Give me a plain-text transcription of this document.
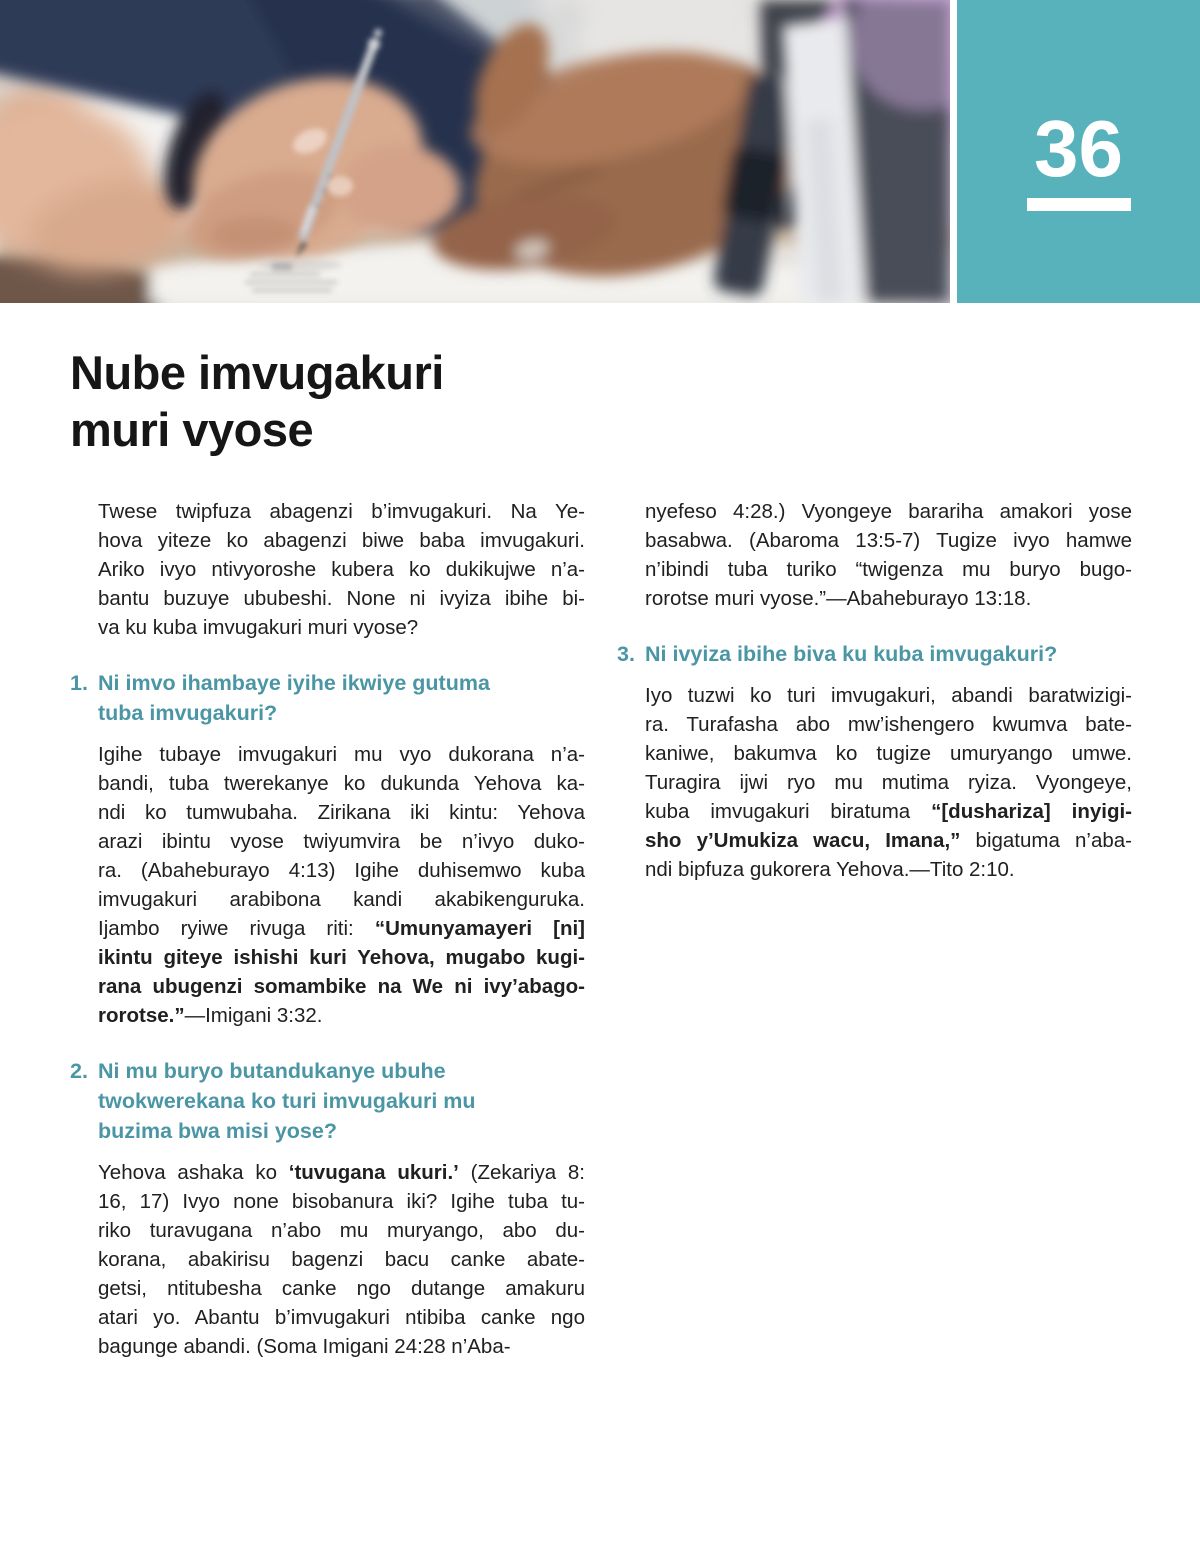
36
Nube imvugakuri
muri vyose
Twese twipfuza abagenzi b’imvugakuri. Na Ye-
hova yiteze ko abagenzi biwe baba imvugakuri.
Ariko ivyo ntivyoroshe kubera ko dukikujwe n’a-
bantu buzuye ububeshi. None ni ivyiza ibihe bi-
va ku kuba imvugakuri muri vyose?
1. Ni imvo ihambaye iyihe ikwiye gutuma
tuba imvugakuri?
Igihe tubaye imvugakuri mu vyo dukorana n’a-
bandi, tuba twerekanye ko dukunda Yehova ka-
ndi ko tumwubaha. Zirikana iki kintu: Yehova
arazi ibintu vyose twiyumvira be n’ivyo duko-
ra. (Abaheburayo 4:13) Igihe duhisemwo kuba
imvugakuri arabibona kandi akabikenguruka.
Ijambo ryiwe rivuga riti: “Umunyamayeri [ni]
ikintu giteye ishishi kuri Yehova, mugabo kugi-
rana ubugenzi somambike na We ni ivy’abago-
rorotse.”—Imigani 3:32.
2. Ni mu buryo butandukanye ubuhe
twokwerekana ko turi imvugakuri mu
buzima bwa misi yose?
Yehova ashaka ko ‘tuvugana ukuri.’ (Zekariya 8:
16, 17) Ivyo none bisobanura iki? Igihe tuba tu-
riko turavugana n’abo mu muryango, abo du-
korana, abakirisu bagenzi bacu canke abate-
getsi, ntitubesha canke ngo dutange amakuru
atari yo. Abantu b’imvugakuri ntibiba canke ngo
bagunge abandi. (Soma Imigani 24:28 n’Aba-
nyefeso 4:28.) Vyongeye barariha amakori yose
basabwa. (Abaroma 13:5-7) Tugize ivyo hamwe
n’ibindi tuba turiko “twigenza mu buryo bugo-
rorotse muri vyose.”—Abaheburayo 13:18.
3. Ni ivyiza ibihe biva ku kuba imvugakuri?
Iyo tuzwi ko turi imvugakuri, abandi baratwizigi-
ra. Turafasha abo mw’ishengero kwumva bate-
kaniwe, bakumva ko tugize umuryango umwe.
Turagira ijwi ryo mu mutima ryiza. Vyongeye,
kuba imvugakuri biratuma “[dushariza] inyigi-
sho y’Umukiza wacu, Imana,” bigatuma n’aba-
ndi bipfuza gukorera Yehova.—Tito 2:10.
